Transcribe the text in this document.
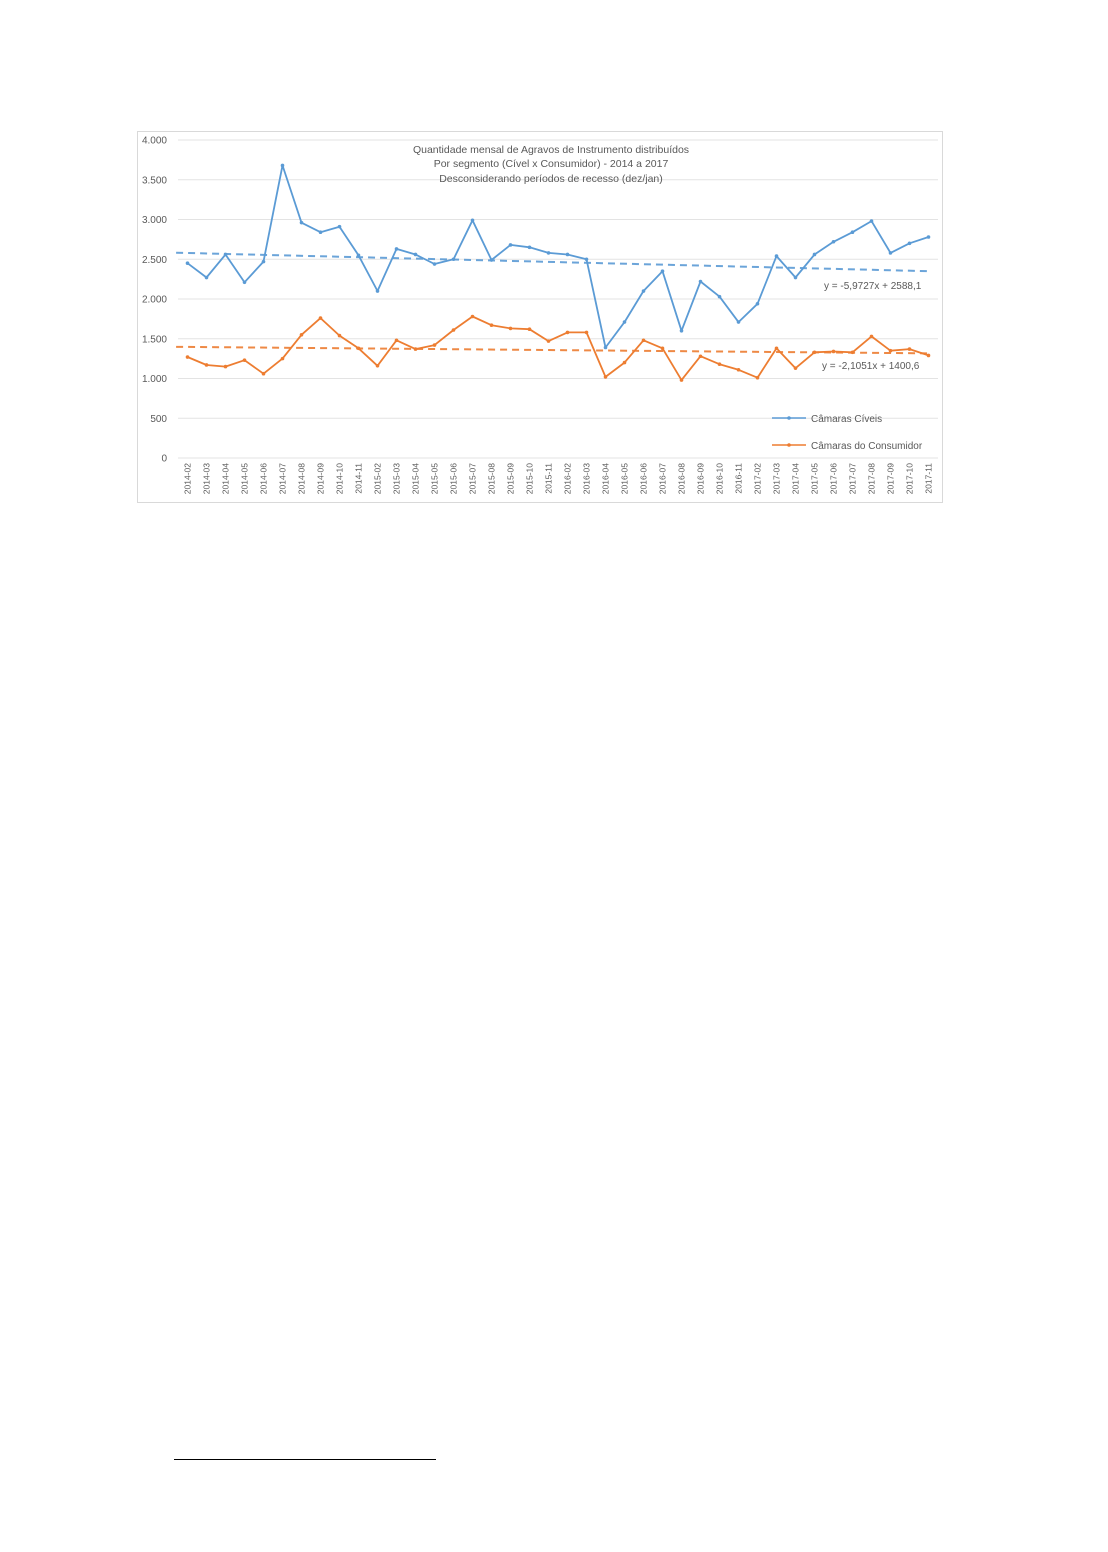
0
500
1.000
1.500
2.000
2.500
3.000
3.500
4.000
2014-02 2014-03 2014-04 2014-05 2014-06 2014-07 2014-08 2014-09 2014-10 2014-11 2015-02 2015-03 2015-04 2015-05 2015-06 2015-07 2015-08 2015-09 2015-10 2015-11 2016-02 2016-03 2016-04 2016-05 2016-06 2016-07 2016-08 2016-09 2016-10 2016-11 2017-02 2017-03 2017-04 2017-05 2017-06 2017-07 2017-08 2017-09 2017-10 2017-11
Quantidade mensal de Agravos de Instrumento distribuídos
Por segmento (Cível x Consumidor) - 2014 a 2017
Desconsiderando períodos de recesso (dez/jan)
y = -5,9727x + 2588,1
y = -2,1051x + 1400,6
Câmaras Cíveis
Câmaras do Consumidor
